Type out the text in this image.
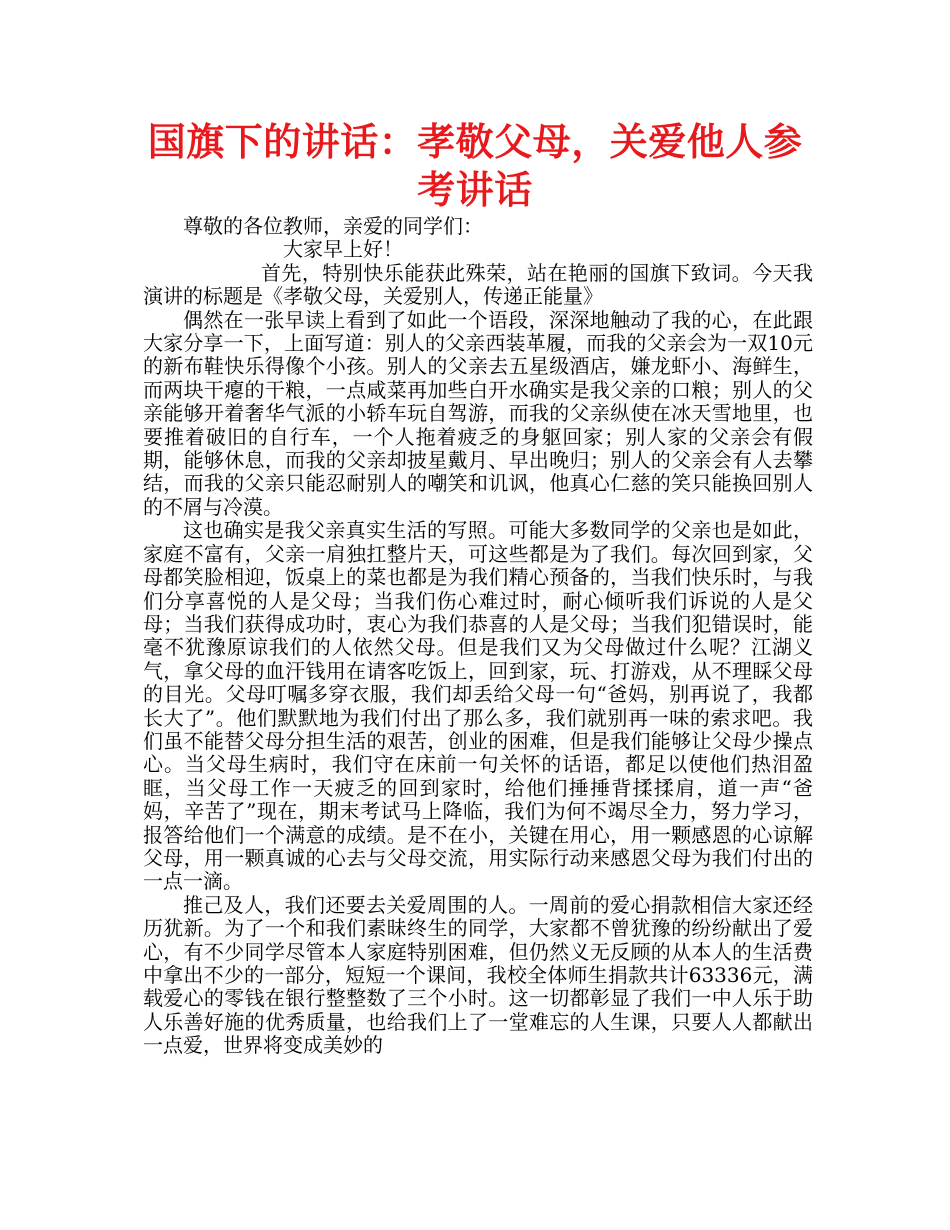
国旗下的讲话：孝敬父母，关爱他人参考讲话

尊敬的各位教师，亲爱的同学们：

大家早上好！

首先，特别快乐能获此殊荣，站在艳丽的国旗下致词。今天我演讲的标题是《孝敬父母，关爱别人，传递正能量》

偶然在一张早读上看到了如此一个语段，深深地触动了我的心，在此跟大家分享一下，上面写道：别人的父亲西装革履，而我的父亲会为一双10元的新布鞋快乐得像个小孩。别人的父亲去五星级酒店，嫌龙虾小、海鲜生，而两块干瘪的干粮，一点咸菜再加些白开水确实是我父亲的口粮；别人的父亲能够开着奢华气派的小轿车玩自驾游，而我的父亲纵使在冰天雪地里，也要推着破旧的自行车，一个人拖着疲乏的身躯回家；别人家的父亲会有假期，能够休息，而我的父亲却披星戴月、早出晚归；别人的父亲会有人去攀结，而我的父亲只能忍耐别人的嘲笑和讥讽，他真心仁慈的笑只能换回别人的不屑与冷漠。

这也确实是我父亲真实生活的写照。可能大多数同学的父亲也是如此，家庭不富有，父亲一肩独扛整片天，可这些都是为了我们。每次回到家，父母都笑脸相迎，饭桌上的菜也都是为我们精心预备的，当我们快乐时，与我们分享喜悦的人是父母；当我们伤心难过时，耐心倾听我们诉说的人是父母；当我们获得成功时，衷心为我们恭喜的人是父母；当我们犯错误时，能毫不犹豫原谅我们的人依然父母。但是我们又为父母做过什么呢？江湖义气，拿父母的血汗钱用在请客吃饭上，回到家，玩、打游戏，从不理睬父母的目光。父母叮嘱多穿衣服，我们却丢给父母一句“爸妈，别再说了，我都长大了”。他们默默地为我们付出了那么多，我们就别再一味的索求吧。我们虽不能替父母分担生活的艰苦，创业的困难，但是我们能够让父母少操点心。当父母生病时，我们守在床前一句关怀的话语，都足以使他们热泪盈眶，当父母工作一天疲乏的回到家时，给他们捶捶背揉揉肩，道一声“爸妈，辛苦了”现在，期末考试马上降临，我们为何不竭尽全力，努力学习，报答给他们一个满意的成绩。是不在小，关键在用心，用一颗感恩的心谅解父母，用一颗真诚的心去与父母交流，用实际行动来感恩父母为我们付出的一点一滴。

推己及人，我们还要去关爱周围的人。一周前的爱心捐款相信大家还经历犹新。为了一个和我们素昧终生的同学，大家都不曾犹豫的纷纷献出了爱心，有不少同学尽管本人家庭特别困难，但仍然义无反顾的从本人的生活费中拿出不少的一部分，短短一个课间，我校全体师生捐款共计63336元，满载爱心的零钱在银行整整数了三个小时。这一切都彰显了我们一中人乐于助人乐善好施的优秀质量，也给我们上了一堂难忘的人生课，只要人人都献出一点爱，世界将变成美妙的
